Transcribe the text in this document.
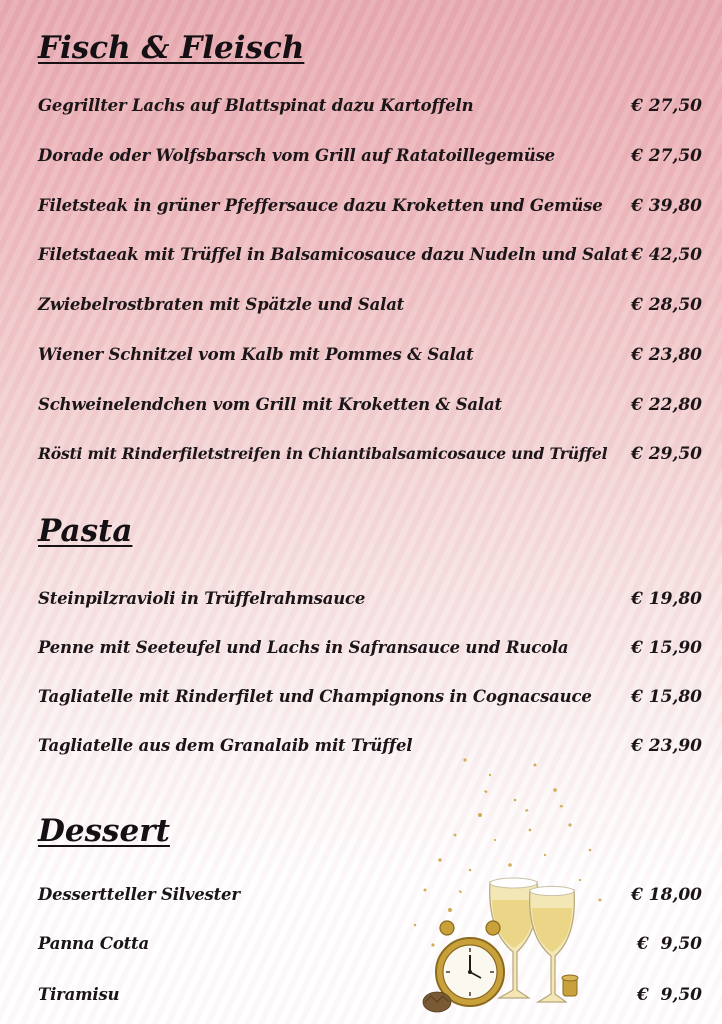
Fisch & Fleisch
Gegrillter Lachs auf Blattspinat dazu Kartoffeln	€ 27,50
Dorade oder Wolfsbarsch vom Grill auf Ratatoillegemüse	€ 27,50
Filetsteak in grüner Pfeffersauce dazu Kroketten und Gemüse € 39,80
Filetstaeak mit Trüffel in Balsamicosauce dazu Nudeln und Salat € 42,50
Zwiebelrostbraten mit Spätzle und Salat	€ 28,50
Wiener Schnitzel vom Kalb mit Pommes & Salat	€ 23,80
Schweinelendchen vom Grill mit Kroketten & Salat	€ 22,80
Rösti mit Rinderfiletstreifen in Chiantibalsamicosauce und Trüffel € 29,50
Pasta
Steinpilzravioli in Trüffelrahmsauce	€ 19,80
Penne mit Seeteufel und Lachs in Safransauce und Rucola	€ 15,90
Tagliatelle mit Rinderfilet und Champignons in Cognacsauce € 15,80
Tagliatelle aus dem Granalaib mit Trüffel	€ 23,90
Dessert
Dessertteller Silvester	€ 18,00
Panna Cotta	€  9,50
Tiramisu	€  9,50
